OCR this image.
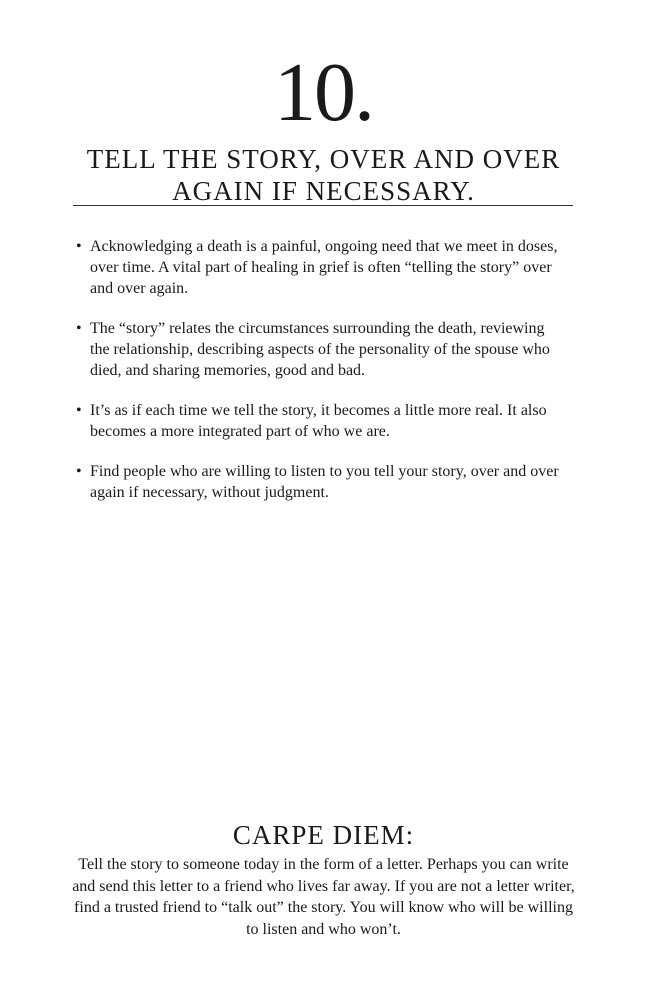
10.
TELL THE STORY, OVER AND OVER AGAIN IF NECESSARY.
• Acknowledging a death is a painful, ongoing need that we meet in doses, over time. A vital part of healing in grief is often “telling the story” over and over again.
• The “story” relates the circumstances surrounding the death, reviewing the relationship, describing aspects of the personality of the spouse who died, and sharing memories, good and bad.
• It’s as if each time we tell the story, it becomes a little more real. It also becomes a more integrated part of who we are.
• Find people who are willing to listen to you tell your story, over and over again if necessary, without judgment.
CARPE DIEM:

Tell the story to someone today in the form of a letter. Perhaps you can write and send this letter to a friend who lives far away. If you are not a letter writer, find a trusted friend to “talk out” the story. You will know who will be willing to listen and who won’t.
